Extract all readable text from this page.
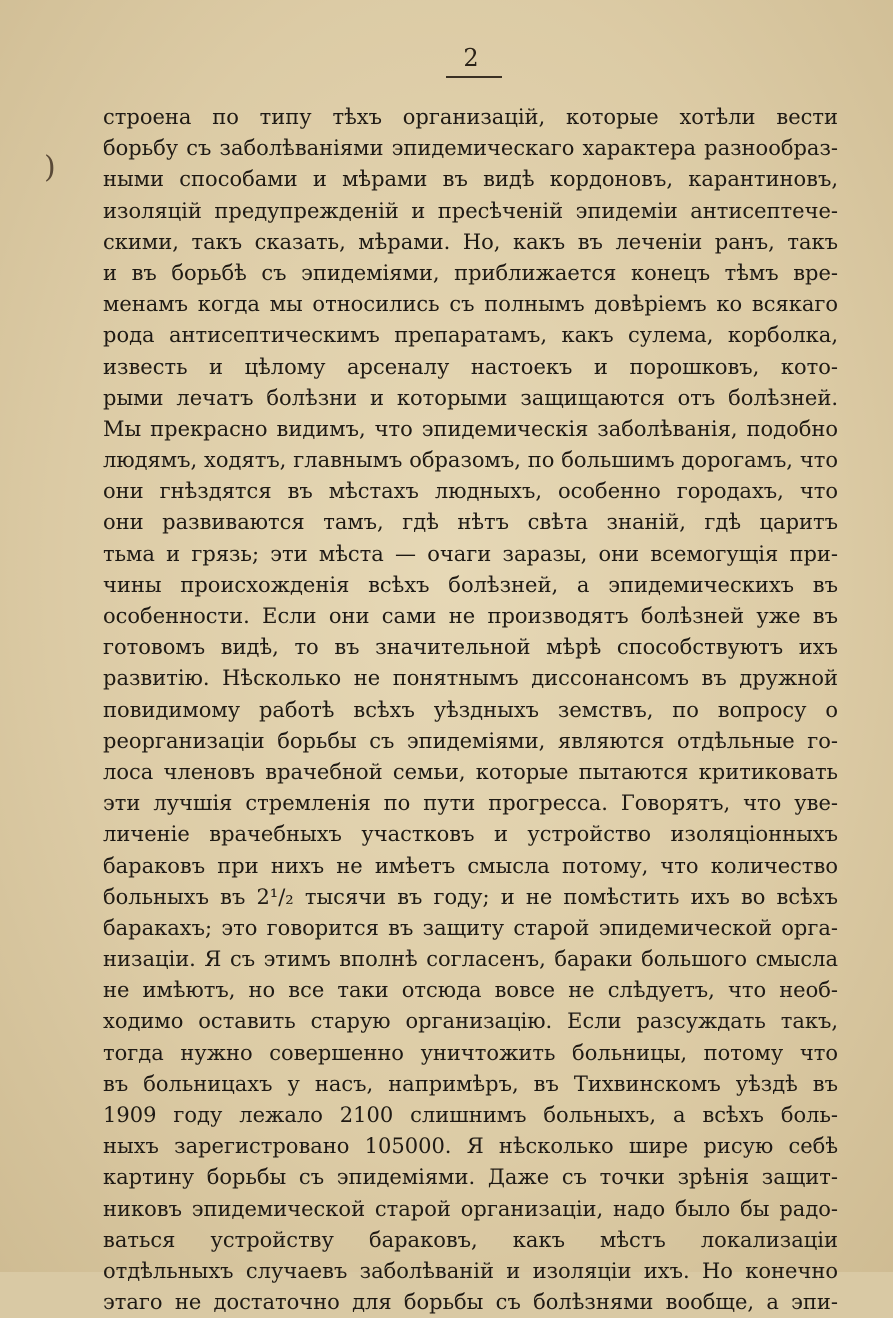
)
2
строена по типу тѣхъ организацій, которые хотѣли вести
борьбу съ заболѣваніями эпидемическаго характера разнообраз-
ными способами и мѣрами въ видѣ кордоновъ, карантиновъ,
изоляцій предупрежденій и пресѣченій эпидеміи антисептече-
скими, такъ сказать, мѣрами. Но, какъ въ леченіи ранъ, такъ
и въ борьбѣ съ эпидеміями, приближается конецъ тѣмъ вре-
менамъ когда мы относились съ полнымъ довѣріемъ ко всякаго
рода антисептическимъ препаратамъ, какъ сулема, корболка,
известь и цѣлому арсеналу настоекъ и порошковъ, кото-
рыми лечатъ болѣзни и которыми защищаются отъ болѣзней.
Мы прекрасно видимъ, что эпидемическія заболѣванія, подобно
людямъ, ходятъ, главнымъ образомъ, по большимъ дорогамъ, что
они гнѣздятся въ мѣстахъ людныхъ, особенно городахъ, что
они развиваются тамъ, гдѣ нѣтъ свѣта знаній, гдѣ царитъ
тьма и грязь; эти мѣста — очаги заразы, они всемогущія при-
чины происхожденія всѣхъ болѣзней, а эпидемическихъ въ
особенности. Если они сами не производятъ болѣзней уже въ
готовомъ видѣ, то въ значительной мѣрѣ способствуютъ ихъ
развитію. Нѣсколько не понятнымъ диссонансомъ въ дружной
повидимому работѣ всѣхъ уѣздныхъ земствъ, по вопросу о
реорганизаціи борьбы съ эпидеміями, являются отдѣльные го-
лоса членовъ врачебной семьи, которые пытаются критиковать
эти лучшія стремленія по пути прогресса. Говорятъ, что уве-
личеніе врачебныхъ участковъ и устройство изоляціонныхъ
бараковъ при нихъ не имѣетъ смысла потому, что количество
больныхъ въ 2¹/₂ тысячи въ году; и не помѣстить ихъ во всѣхъ
баракахъ; это говорится въ защиту старой эпидемической орга-
низаціи. Я съ этимъ вполнѣ согласенъ, бараки большого смысла
не имѣютъ, но все таки отсюда вовсе не слѣдуетъ, что необ-
ходимо оставить старую организацію. Если разсуждать такъ,
тогда нужно совершенно уничтожить больницы, потому что
въ больницахъ у насъ, напримѣръ, въ Тихвинскомъ уѣздѣ въ
1909 году лежало 2100 слишнимъ больныхъ, а всѣхъ боль-
ныхъ зарегистровано 105000. Я нѣсколько шире рисую себѣ
картину борьбы съ эпидеміями. Даже съ точки зрѣнія защит-
никовъ эпидемической старой организаціи, надо было бы радо-
ваться устройству бараковъ, какъ мѣстъ локализаціи
отдѣльныхъ случаевъ заболѣваній и изоляціи ихъ. Но конечно
этаго не достаточно для борьбы съ болѣзнями вообще, а эпи-
